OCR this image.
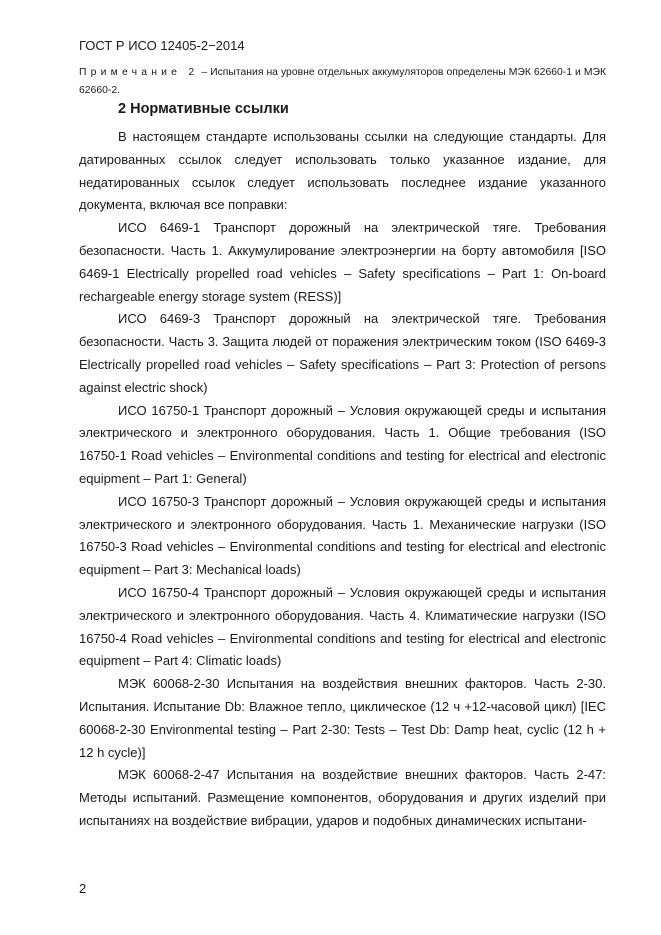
ГОСТ Р ИСО 12405-2−2014
Примечание 2 – Испытания на уровне отдельных аккумуляторов определены МЭК 62660-1 и МЭК 62660-2.
2 Нормативные ссылки

В настоящем стандарте использованы ссылки на следующие стандарты. Для датированных ссылок следует использовать только указанное издание, для недатированных ссылок следует использовать последнее издание указанного документа, включая все поправки:

ИСО 6469-1 Транспорт дорожный на электрической тяге. Требования безопасности. Часть 1. Аккумулирование электроэнергии на борту автомобиля [ISO 6469-1 Electrically propelled road vehicles – Safety specifications – Part 1: On-board rechargeable energy storage system (RESS)]

ИСО 6469-3 Транспорт дорожный на электрической тяге. Требования безопасности. Часть 3. Защита людей от поражения электрическим током (ISO 6469-3 Electrically propelled road vehicles – Safety specifications – Part 3: Protection of persons against electric shock)

ИСО 16750-1 Транспорт дорожный – Условия окружающей среды и испытания электрического и электронного оборудования. Часть 1. Общие требования (ISO 16750-1 Road vehicles – Environmental conditions and testing for electrical and electronic equipment – Part 1: General)

ИСО 16750-3 Транспорт дорожный – Условия окружающей среды и испытания электрического и электронного оборудования. Часть 1. Механические нагрузки (ISO 16750-3 Road vehicles – Environmental conditions and testing for electrical and electronic equipment – Part 3: Mechanical loads)

ИСО 16750-4 Транспорт дорожный – Условия окружающей среды и испытания электрического и электронного оборудования. Часть 4. Климатические нагрузки (ISO 16750-4 Road vehicles – Environmental conditions and testing for electrical and electronic equipment – Part 4: Climatic loads)

МЭК 60068-2-30 Испытания на воздействия внешних факторов. Часть 2-30. Испытания. Испытание Db: Влажное тепло, циклическое (12 ч +12-часовой цикл) [IEC 60068-2-30 Environmental testing – Part 2-30: Tests – Test Db: Damp heat, cyclic (12 h + 12 h cycle)]

МЭК 60068-2-47 Испытания на воздействие внешних факторов. Часть 2-47: Методы испытаний. Размещение компонентов, оборудования и других изделий при испытаниях на воздействие вибрации, ударов и подобных динамических испытани-

2
